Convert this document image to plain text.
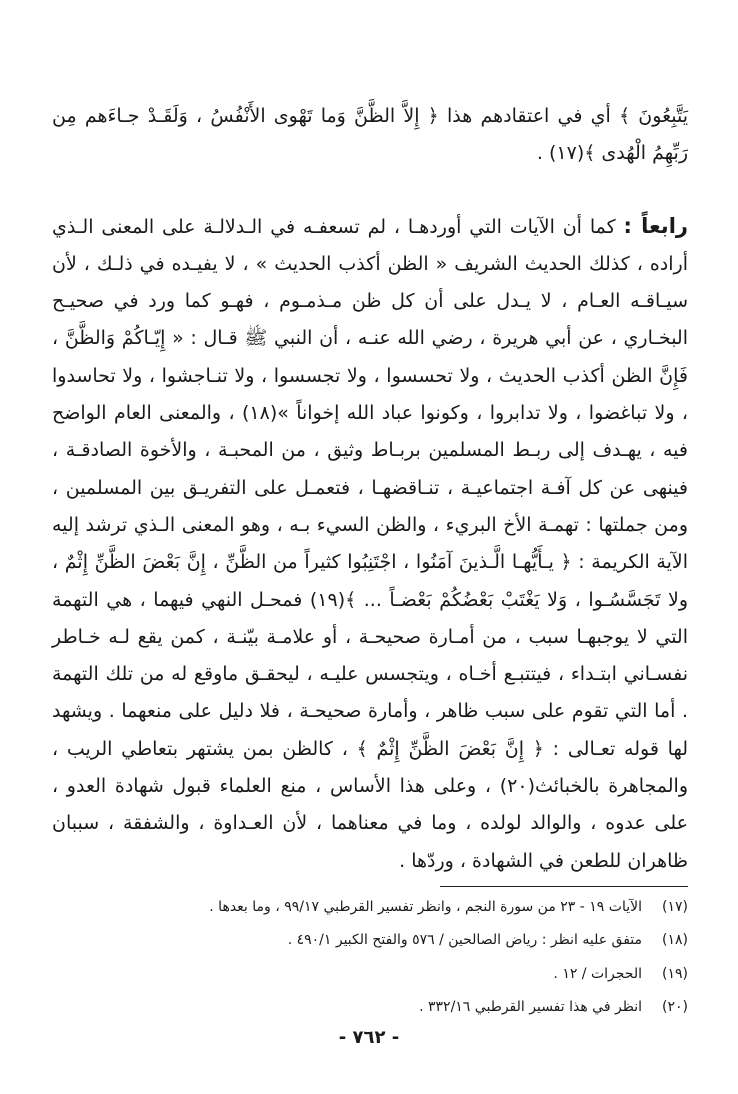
يَتَّبِعُونَ ﴾ أي في اعتقادهم هذا ﴿ إِلاَّ الظَّنَّ وَما تَهْوى الأَنْفُسُ ، وَلَقَـدْ جـاءَهم مِن رَبِّهِمُ الْهُدى ﴾(١٧) .

رابعاً : كما أن الآيات التي أوردهـا ، لم تسعفـه في الـدلالـة على المعنى الـذي أراده ، كذلك الحديث الشريف « الظن أكذب الحديث » ، لا يفيـده في ذلـك ، لأن سيـاقـه العـام ، لا يـدل على أن كل ظن مـذمـوم ، فهـو كما ورد في صحيـح البخـاري ، عن أبي هريرة ، رضي الله عنـه ، أن النبي ﷺ قـال : « إِيّـاكُمْ وَالظَّنَّ ، فَإِنَّ الظن أكذب الحديث ، ولا تحسسوا ، ولا تجسسوا ، ولا تنـاجشوا ، ولا تحاسدوا ، ولا تباغضوا ، ولا تدابروا ، وكونوا عباد الله إخواناً »(١٨) ، والمعنى العام الواضح فيه ، يهـدف إلى ربـط المسلمين بربـاط وثيق ، من المحبـة ، والأخوة الصادقـة ، فينهى عن كل آفـة اجتماعيـة ، تنـاقضهـا ، فتعمـل على التفريـق بين المسلمين ، ومن جملتها : تهمـة الأخ البريء ، والظن السيء بـه ، وهو المعنى الـذي ترشد إليه الآية الكريمة : ﴿ يـأَيُّهـا الَّـذينَ آمَنُوا ، اجْتَنِبُوا كثيراً من الظَّنِّ ، إِنَّ بَعْضَ الظَّنِّ إِثْمٌ ، ولا تَجَسَّسُـوا ، وَلا يَغْتَبْ بَعْضُكُمْ بَعْضـاً ... ﴾(١٩) فمحـل النهي فيهما ، هي التهمة التي لا يوجبهـا سبب ، من أمـارة صحيحـة ، أو علامـة بيّنـة ، كمن يقع لـه خـاطر نفسـاني ابتـداء ، فيتتبـع أخـاه ، ويتجسس عليـه ، ليحقـق ماوقع له من تلك التهمة . أما التي تقوم على سبب ظاهر ، وأمارة صحيحـة ، فلا دليل على منعهما . ويشهد لها قوله تعـالى : ﴿ إِنَّ بَعْضَ الظَّنِّ إِثْمٌ ﴾ ، كالظن بمن يشتهر بتعاطي الريب ، والمجاهرة بالخبائث(٢٠) ، وعلى هذا الأساس ، منع العلماء قبول شهادة العدو ، على عدوه ، والوالد لولده ، وما في معناهما ، لأن العـداوة ، والشفقة ، سببان ظاهران للطعن في الشهادة ، وردّها .

(١٧)
الآيات ١٩ - ٢٣ من سورة النجم ، وانظر تفسير القرطبي ٩٩/١٧ ، وما بعدها .
(١٨)
متفق عليه انظر : رياض الصالحين / ٥٧٦ والفتح الكبير ٤٩٠/١ .
(١٩)
الحجرات / ١٢ .
(٢٠)
انظر في هذا تفسير القرطبي ٣٣٢/١٦ .
- ٧٦٢ -
